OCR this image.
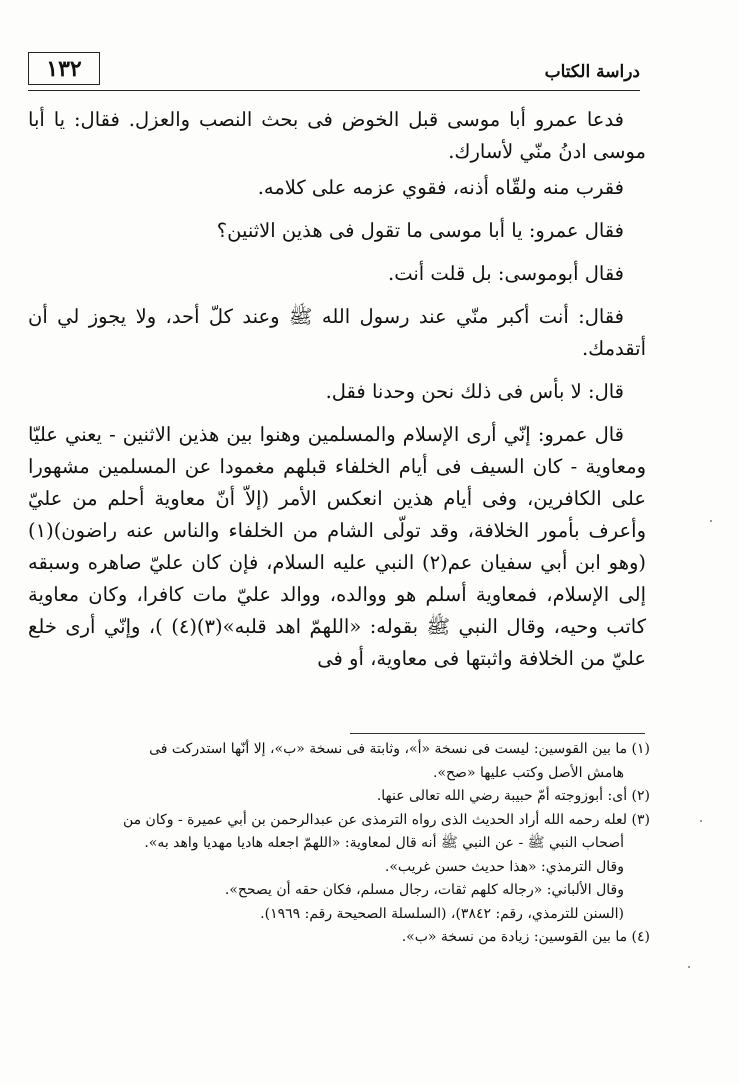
١٣٢	دراسة الكتاب

فدعا عمرو أبا موسى قبل الخوض فى بحث النصب والعزل. فقال: يا أبا موسى ادنُ منّي لأسارك.

فقرب منه ولقّاه أذنه، فقوي عزمه على كلامه.

فقال عمرو: يا أبا موسى ما تقول فى هذين الاثنين؟

فقال أبوموسى: بل قلت أنت.

فقال: أنت أكبر منّي عند رسول الله ﷺ وعند كلّ أحد، ولا يجوز لي أن أتقدمك.

قال: لا بأس فى ذلك نحن وحدنا فقل.

قال عمرو: إنّي أرى الإسلام والمسلمين وهنوا بين هذين الاثنين - يعني عليّا ومعاوية - كان السيف فى أيام الخلفاء قبلهم مغمودا عن المسلمين مشهورا على الكافرين، وفى أيام هذين انعكس الأمر (إلاّ أنّ معاوية أحلم من عليّ وأعرف بأمور الخلافة، وقد تولّى الشام من الخلفاء والناس عنه راضون)(١) (وهو ابن أبي سفيان عم(٢) النبي عليه السلام، فإن كان عليّ صاهره وسبقه إلى الإسلام، فمعاوية أسلم هو ووالده، ووالد عليّ مات كافرا، وكان معاوية كاتب وحيه، وقال النبي ﷺ بقوله: «اللهمّ اهد قلبه»(٣)(٤) )، وإنّي أرى خلع عليّ من الخلافة واثبتها فى معاوية، أو فى

(١) ما بين القوسين: ليست فى نسخة «أ»، وثابتة فى نسخة «ب»، إلا أنّها استدركت فى

هامش الأصل وكتب عليها «صح».

(٢) أى: أبوزوجته أمّ حبيبة رضي الله تعالى عنها.

(٣) لعله رحمه الله أراد الحديث الذى رواه الترمذى عن عبدالرحمن بن أبي عميرة - وكان من

أصحاب النبي ﷺ - عن النبي ﷺ أنه قال لمعاوية: «اللهمّ اجعله هاديا مهديا واهد به».

وقال الترمذي: «هذا حديث حسن غريب».

وقال الألباني: «رجاله كلهم ثقات، رجال مسلم، فكان حقه أن يصحح».

(السنن للترمذي، رقم: ٣٨٤٢)، (السلسلة الصحيحة رقم: ١٩٦٩).

(٤) ما بين القوسين: زيادة من نسخة «ب».
